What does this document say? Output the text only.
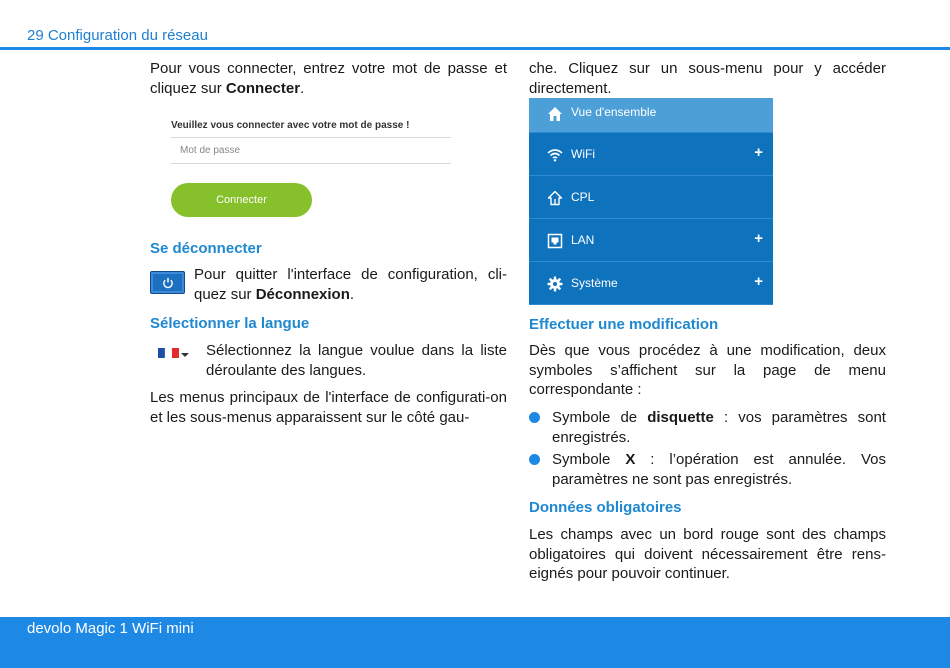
29 Configuration du réseau

Pour vous connecter, entrez votre mot de passe et cliquez sur Connecter.

Veuillez vous connecter avec votre mot de passe !
Mot de passe
Connecter
Se déconnecter

Pour quitter l'interface de configuration, cli-quez sur Déconnexion.

Sélectionner la langue

Sélectionnez la langue voulue dans la liste déroulante des langues.

Les menus principaux de l'interface de configurati-on et les sous-menus apparaissent sur le côté gau-

che. Cliquez sur un sous-menu pour y accéder directement.

Vue d'ensemble
WiFi	+
CPL
LAN	+
Système	+
Effectuer une modification

Dès que vous procédez à une modification, deux symboles s’affichent sur la page de menu correspondante :

Symbole de disquette : vos paramètres sont enregistrés.

Symbole X : l’opération est annulée. Vos paramètres ne sont pas enregistrés.

Données obligatoires

Les champs avec un bord rouge sont des champs obligatoires qui doivent nécessairement être rens-eignés pour pouvoir continuer.

devolo Magic 1 WiFi mini
